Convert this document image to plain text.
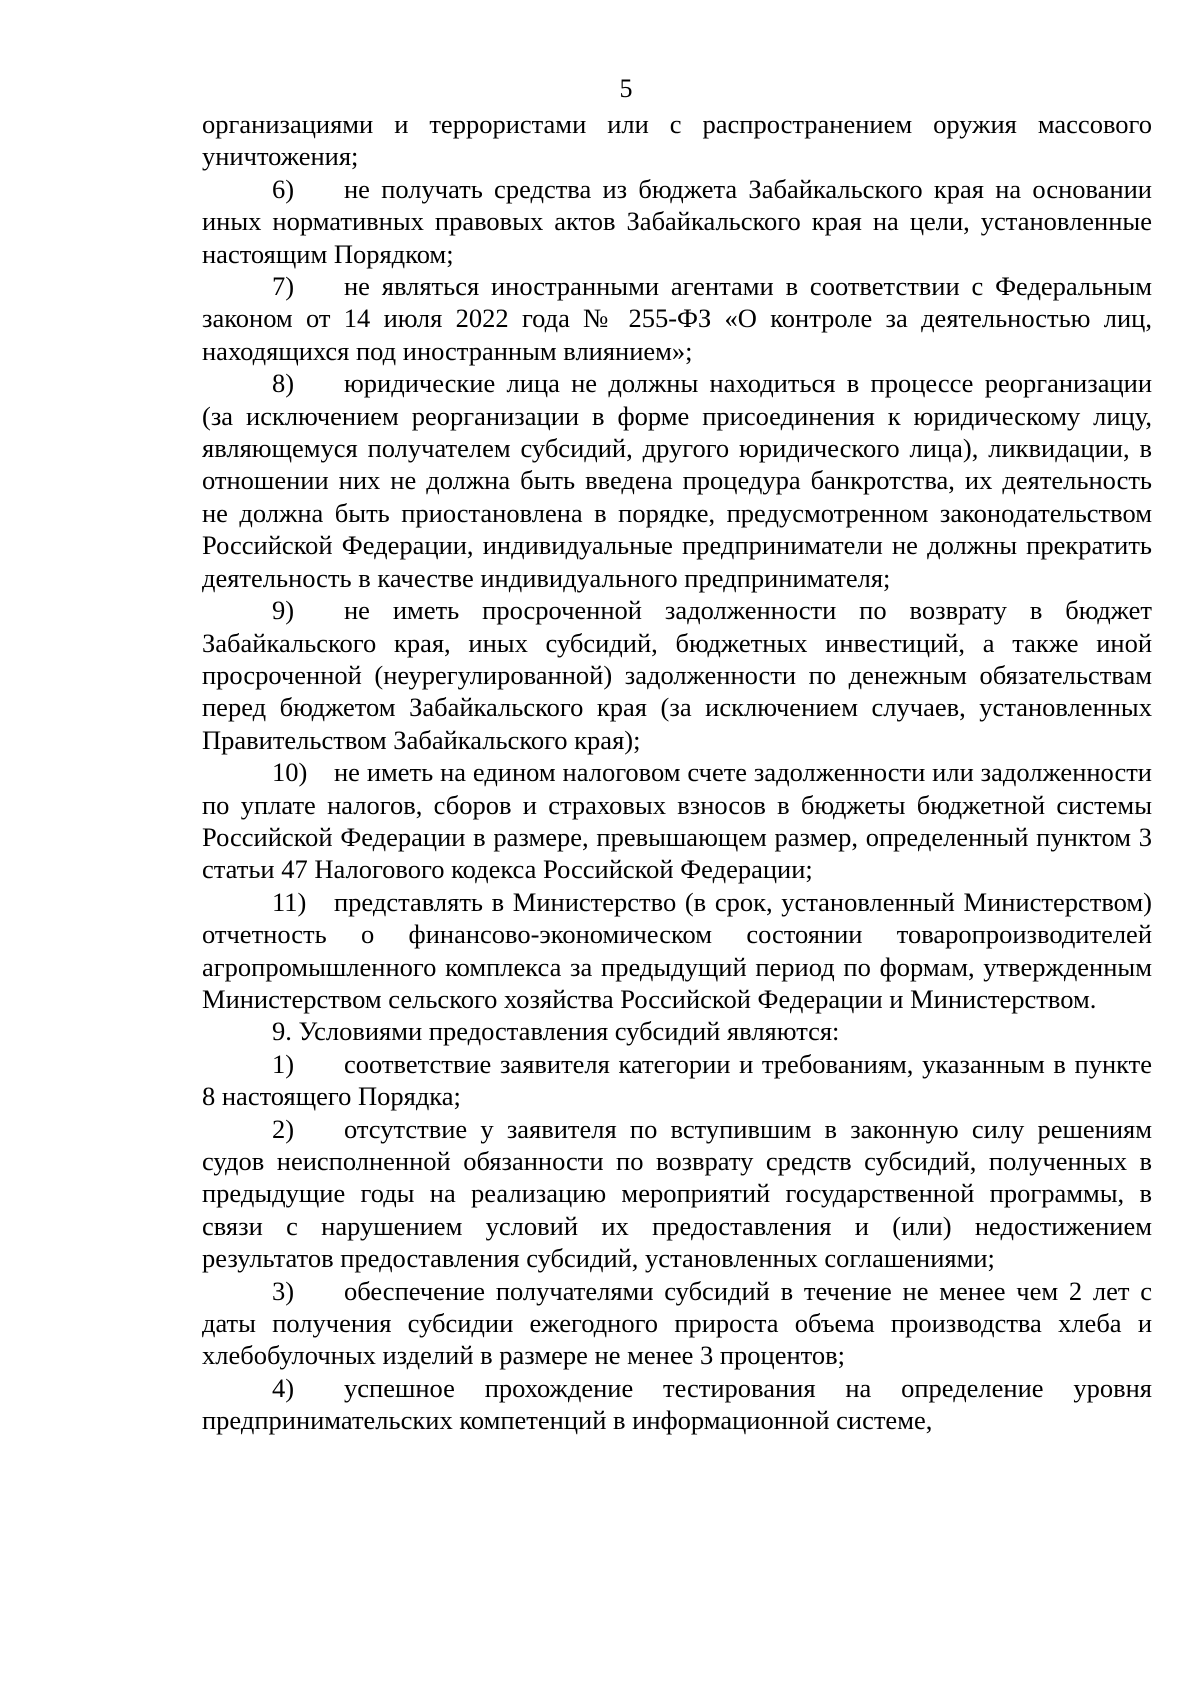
5

организациями и террористами или с распространением оружия массового уничтожения;

6) не получать средства из бюджета Забайкальского края на основании иных нормативных правовых актов Забайкальского края на цели, установленные настоящим Порядком;

7) не являться иностранными агентами в соответствии с Федеральным законом от 14 июля 2022 года № 255-ФЗ «О контроле за деятельностью лиц, находящихся под иностранным влиянием»;

8) юридические лица не должны находиться в процессе реорганизации (за исключением реорганизации в форме присоединения к юридическому лицу, являющемуся получателем субсидий, другого юридического лица), ликвидации, в отношении них не должна быть введена процедура банкротства, их деятельность не должна быть приостановлена в порядке, предусмотренном законодательством Российской Федерации, индивидуальные предприниматели не должны прекратить деятельность в качестве индивидуального предпринимателя;

9) не иметь просроченной задолженности по возврату в бюджет Забайкальского края, иных субсидий, бюджетных инвестиций, а также иной просроченной (неурегулированной) задолженности по денежным обязательствам перед бюджетом Забайкальского края (за исключением случаев, установленных Правительством Забайкальского края);

10) не иметь на едином налоговом счете задолженности или задолженности по уплате налогов, сборов и страховых взносов в бюджеты бюджетной системы Российской Федерации в размере, превышающем размер, определенный пунктом 3 статьи 47 Налогового кодекса Российской Федерации;

11) представлять в Министерство (в срок, установленный Министерством) отчетность о финансово-экономическом состоянии товаропроизводителей агропромышленного комплекса за предыдущий период по формам, утвержденным Министерством сельского хозяйства Российской Федерации и Министерством.

9. Условиями предоставления субсидий являются:

1) соответствие заявителя категории и требованиям, указанным в пункте 8 настоящего Порядка;

2) отсутствие у заявителя по вступившим в законную силу решениям судов неисполненной обязанности по возврату средств субсидий, полученных в предыдущие годы на реализацию мероприятий государственной программы, в связи с нарушением условий их предоставления и (или) недостижением результатов предоставления субсидий, установленных соглашениями;

3) обеспечение получателями субсидий в течение не менее чем 2 лет с даты получения субсидии ежегодного прироста объема производства хлеба и хлебобулочных изделий в размере не менее 3 процентов;

4) успешное прохождение тестирования на определение уровня предпринимательских компетенций в информационной системе,
